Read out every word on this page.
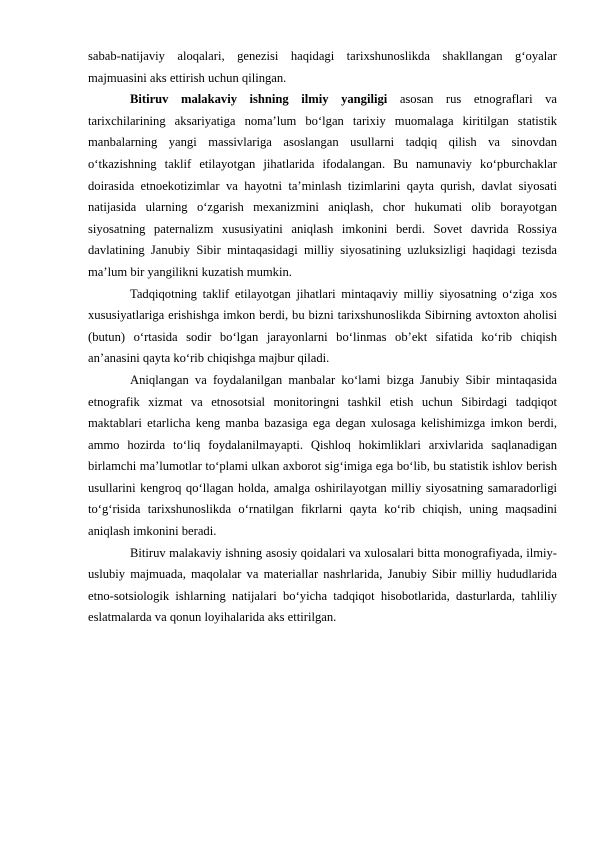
sabab-natijaviy aloqalari, genezisi haqidagi tarixshunoslikda shakllangan g‘oyalar majmuasini aks ettirish uchun qilingan.

Bitiruv malakaviy ishning ilmiy yangiligi asosan rus etnograflari va tarixchilarining aksariyatiga noma’lum bo‘lgan tarixiy muomalaga kiritilgan statistik manbalarning yangi massivlariga asoslangan usullarni tadqiq qilish va sinovdan o‘tkazishning taklif etilayotgan jihatlarida ifodalangan. Bu namunaviy ko‘pburchaklar doirasida etnoekotizimlar va hayotni ta’minlash tizimlarini qayta qurish, davlat siyosati natijasida ularning o‘zgarish mexanizmini aniqlash, chor hukumati olib borayotgan siyosatning paternalizm xususiyatini aniqlash imkonini berdi. Sovet davrida Rossiya davlatining Janubiy Sibir mintaqasidagi milliy siyosatining uzluksizligi haqidagi tezisda ma’lum bir yangilikni kuzatish mumkin.

Tadqiqotning taklif etilayotgan jihatlari mintaqaviy milliy siyosatning o‘ziga xos xususiyatlariga erishishga imkon berdi, bu bizni tarixshunoslikda Sibirning avtoxton aholisi (butun) o‘rtasida sodir bo‘lgan jarayonlarni bo‘linmas ob’ekt sifatida ko‘rib chiqish an’anasini qayta ko‘rib chiqishga majbur qiladi.

Aniqlangan va foydalanilgan manbalar ko‘lami bizga Janubiy Sibir mintaqasida etnografik xizmat va etnosotsial monitoringni tashkil etish uchun Sibirdagi tadqiqot maktablari etarlicha keng manba bazasiga ega degan xulosaga kelishimizga imkon berdi, ammo hozirda to‘liq foydalanilmayapti. Qishloq hokimliklari arxivlarida saqlanadigan birlamchi ma’lumotlar to‘plami ulkan axborot sig‘imiga ega bo‘lib, bu statistik ishlov berish usullarini kengroq qo‘llagan holda, amalga oshirilayotgan milliy siyosatning samaradorligi to‘g‘risida tarixshunoslikda o‘rnatilgan fikrlarni qayta ko‘rib chiqish, uning maqsadini aniqlash imkonini beradi.

Bitiruv malakaviy ishning asosiy qoidalari va xulosalari bitta monografiyada, ilmiy-uslubiy majmuada, maqolalar va materiallar nashrlarida, Janubiy Sibir milliy hududlarida etno-sotsiologik ishlarning natijalari bo‘yicha tadqiqot hisobotlarida, dasturlarda, tahliliy eslatmalarda va qonun loyihalarida aks ettirilgan.
